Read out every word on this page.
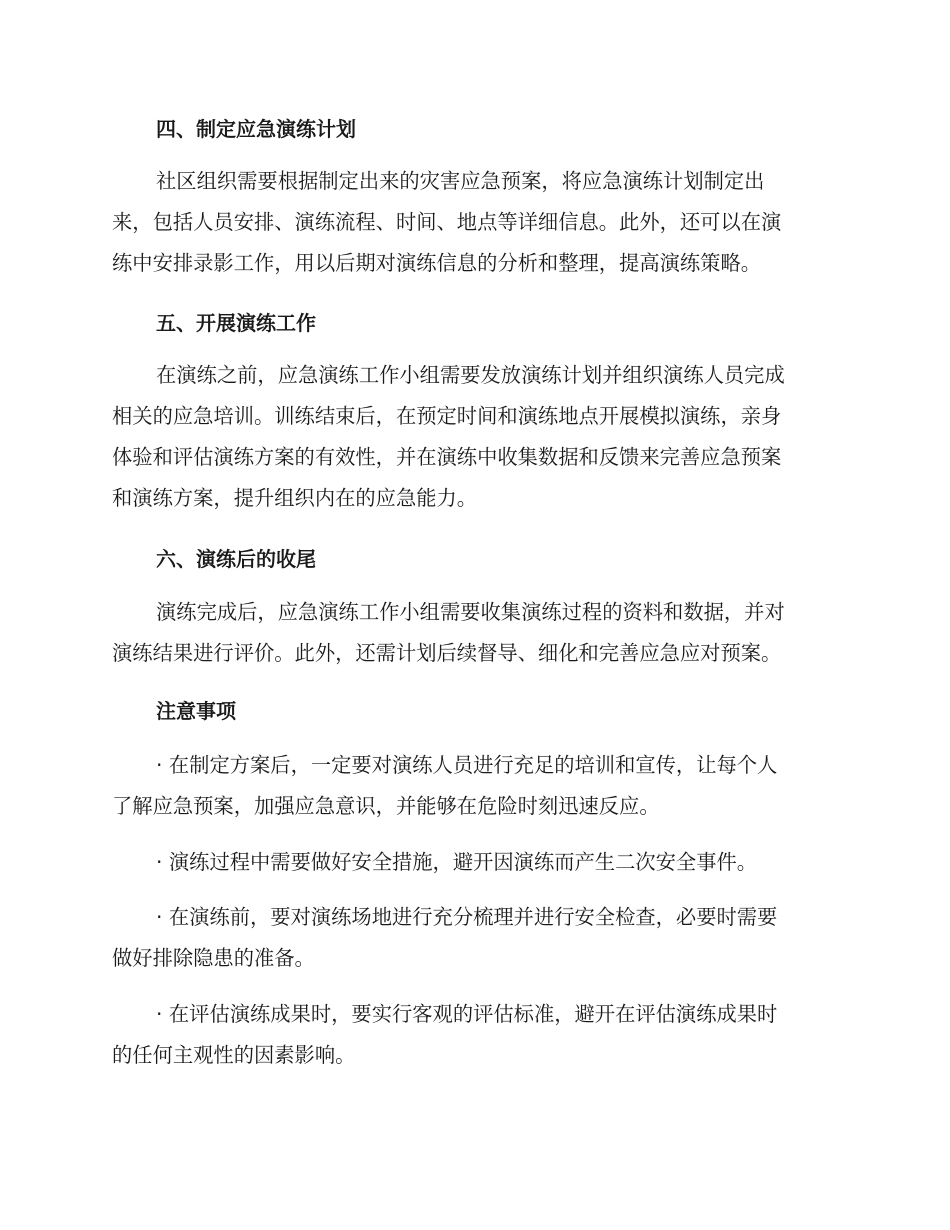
四、制定应急演练计划
社区组织需要根据制定出来的灾害应急预案，将应急演练计划制定出
来，包括人员安排、演练流程、时间、地点等详细信息。此外，还可以在演
练中安排录影工作，用以后期对演练信息的分析和整理，提高演练策略。
五、开展演练工作
在演练之前，应急演练工作小组需要发放演练计划并组织演练人员完成
相关的应急培训。训练结束后，在预定时间和演练地点开展模拟演练，亲身
体验和评估演练方案的有效性，并在演练中收集数据和反馈来完善应急预案
和演练方案，提升组织内在的应急能力。
六、演练后的收尾
演练完成后，应急演练工作小组需要收集演练过程的资料和数据，并对
演练结果进行评价。此外，还需计划后续督导、细化和完善应急应对预案。
注意事项
· 在制定方案后，一定要对演练人员进行充足的培训和宣传，让每个人
了解应急预案，加强应急意识，并能够在危险时刻迅速反应。
· 演练过程中需要做好安全措施，避开因演练而产生二次安全事件。
· 在演练前，要对演练场地进行充分梳理并进行安全检查，必要时需要
做好排除隐患的准备。
· 在评估演练成果时，要实行客观的评估标准，避开在评估演练成果时
的任何主观性的因素影响。
